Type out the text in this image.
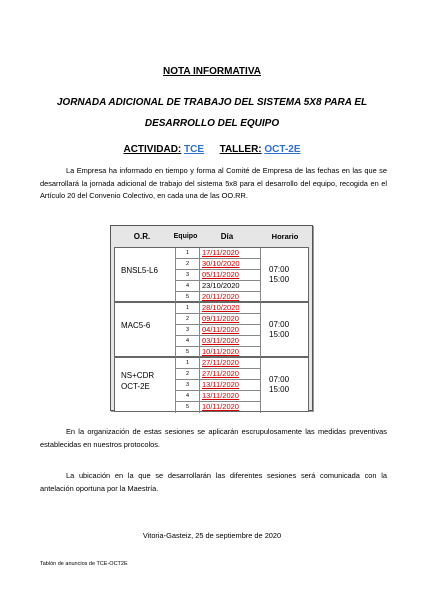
NOTA INFORMATIVA
JORNADA ADICIONAL DE TRABAJO DEL SISTEMA 5X8 PARA EL DESARROLLO DEL EQUIPO
ACTIVIDAD: TCE TALLER: OCT-2E
La Empresa ha informado en tiempo y forma al Comité de Empresa de las fechas en las que se desarrollará la jornada adicional de trabajo del sistema 5x8 para el desarrollo del equipo, recogida en el Artículo 20 del Convenio Colectivo, en cada una de las OO.RR.
O.R.	Equipo	Día	Horario
BNSL5-L6
1	17/11/2020
2	30/10/2020
3	05/11/2020
4	23/10/2020
5	20/11/2020
07:00
15:00
MAC5-6
1	28/10/2020
2	09/11/2020
3	04/11/2020
4	03/11/2020
5	10/11/2020
07:00
15:00
NS+CDR
OCT-2E
1	27/11/2020
2	27/11/2020
3	13/11/2020
4	13/11/2020
5	10/11/2020
07:00
15:00
En la organización de estas sesiones se aplicarán escrupulosamente las medidas preventivas establecidas en nuestros protocolos.
La ubicación en la que se desarrollarán las diferentes sesiones será comunicada con la antelación oportuna por la Maestría.
Vitoria-Gasteiz, 25 de septiembre de 2020
Tablón de anuncios de TCE-OCT2E
